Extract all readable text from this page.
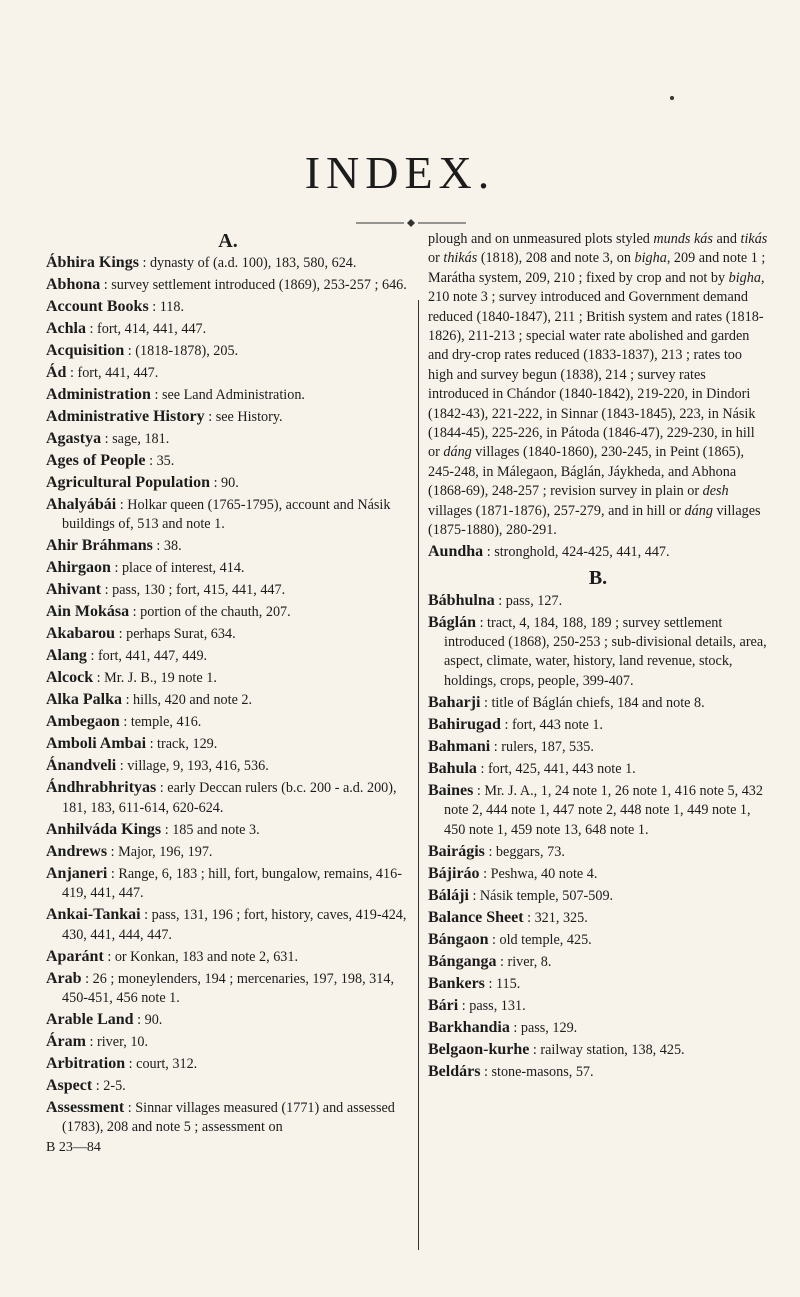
INDEX.
A.
Ábhira Kings : dynasty of (a.d. 100), 183, 580, 624.
Abhona : survey settlement introduced (1869), 253-257 ; 646.
Account Books : 118.
Achla : fort, 414, 441, 447.
Acquisition : (1818-1878), 205.
Ád : fort, 441, 447.
Administration : see Land Administration.
Administrative History : see History.
Agastya : sage, 181.
Ages of People : 35.
Agricultural Population : 90.
Ahalyábái : Holkar queen (1765-1795), account and Násik buildings of, 513 and note 1.
Ahir Bráhmans : 38.
Ahirgaon : place of interest, 414.
Ahivant : pass, 130 ; fort, 415, 441, 447.
Ain Mokása : portion of the chauth, 207.
Akabarou : perhaps Surat, 634.
Alang : fort, 441, 447, 449.
Alcock : Mr. J. B., 19 note 1.
Alka Palka : hills, 420 and note 2.
Ambegaon : temple, 416.
Amboli Ambai : track, 129.
Ánandveli : village, 9, 193, 416, 536.
Ándhrabhrityas : early Deccan rulers (b.c. 200 - a.d. 200), 181, 183, 611-614, 620-624.
Anhilváda Kings : 185 and note 3.
Andrews : Major, 196, 197.
Anjaneri : Range, 6, 183 ; hill, fort, bungalow, remains, 416-419, 441, 447.
Ankai-Tankai : pass, 131, 196 ; fort, history, caves, 419-424, 430, 441, 444, 447.
Aparánt : or Konkan, 183 and note 2, 631.
Arab : 26 ; moneylenders, 194 ; mercenaries, 197, 198, 314, 450-451, 456 note 1.
Arable Land : 90.
Áram : river, 10.
Arbitration : court, 312.
Aspect : 2-5.
Assessment : Sinnar villages measured (1771) and assessed (1783), 208 and note 5 ; assessment on
B 23—84
plough and on unmeasured plots styled munds kás and tikás or thikás (1818), 208 and note 3, on bigha, 209 and note 1 ; Marátha system, 209, 210 ; fixed by crop and not by bigha, 210 note 3 ; survey introduced and Government demand reduced (1840-1847), 211 ; British system and rates (1818-1826), 211-213 ; special water rate abolished and garden and dry-crop rates reduced (1833-1837), 213 ; rates too high and survey begun (1838), 214 ; survey rates introduced in Chándor (1840-1842), 219-220, in Dindori (1842-43), 221-222, in Sinnar (1843-1845), 223, in Násik (1844-45), 225-226, in Pátoda (1846-47), 229-230, in hill or dáng villages (1840-1860), 230-245, in Peint (1865), 245-248, in Málegaon, Báglán, Jáykheda, and Abhona (1868-69), 248-257 ; revision survey in plain or desh villages (1871-1876), 257-279, and in hill or dáng villages (1875-1880), 280-291.
Aundha : stronghold, 424-425, 441, 447.
B.
Bábhulna : pass, 127.
Báglán : tract, 4, 184, 188, 189 ; survey settlement introduced (1868), 250-253 ; sub-divisional details, area, aspect, climate, water, history, land revenue, stock, holdings, crops, people, 399-407.
Baharji : title of Báglán chiefs, 184 and note 8.
Bahirugad : fort, 443 note 1.
Bahmani : rulers, 187, 535.
Bahula : fort, 425, 441, 443 note 1.
Baines : Mr. J. A., 1, 24 note 1, 26 note 1, 416 note 5, 432 note 2, 444 note 1, 447 note 2, 448 note 1, 449 note 1, 450 note 1, 459 note 13, 648 note 1.
Bairágis : beggars, 73.
Bájiráo : Peshwa, 40 note 4.
Báláji : Násik temple, 507-509.
Balance Sheet : 321, 325.
Bángaon : old temple, 425.
Bánganga : river, 8.
Bankers : 115.
Bári : pass, 131.
Barkhandia : pass, 129.
Belgaon-kurhe : railway station, 138, 425.
Beldárs : stone-masons, 57.
